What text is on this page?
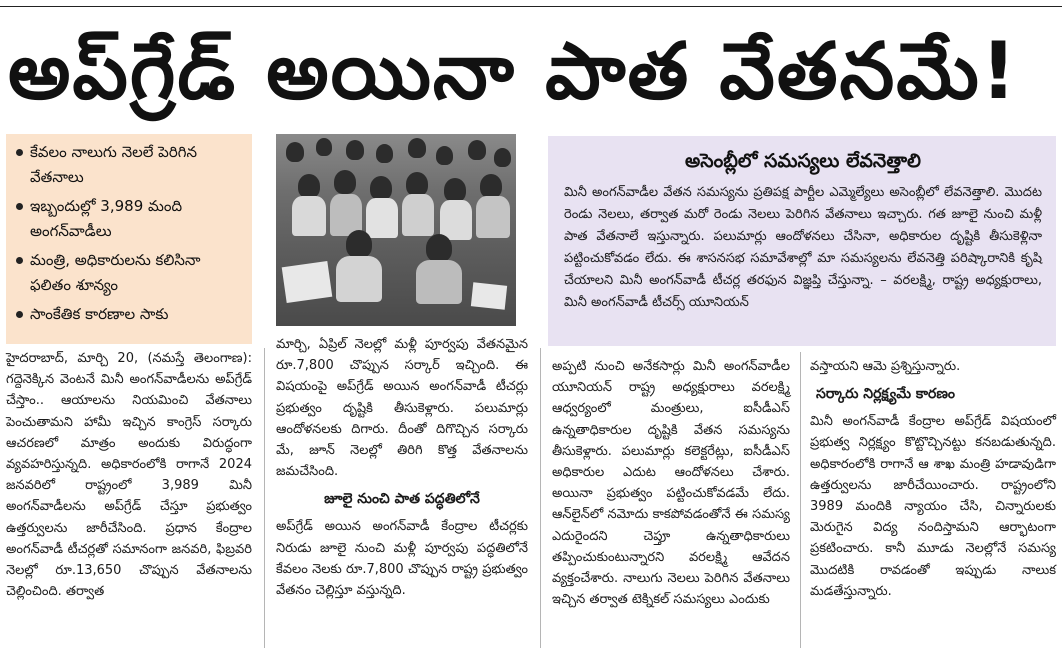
అప్‌గ్రేడ్ అయినా పాత వేతనమే!
కేవలం నాలుగు నెలలే పెరిగిన వేతనాలు
ఇబ్బందుల్లో 3,989 మంది అంగన్‌వాడీలు
మంత్రి, అధికారులను కలిసినా ఫలితం శూన్యం
సాంకేతిక కారణాల సాకు
అసెంబ్లీలో సమస్యలు లేవనెత్తాలి
మినీ అంగన్‌వాడీల వేతన సమస్యను ప్రతిపక్ష పార్టీల ఎమ్మెల్యేలు అసెంబ్లీలో లేవనెత్తాలి. మొదట రెండు నెలలు, తర్వాత మరో రెండు నెలలు పెరిగిన వేతనాలు ఇచ్చారు. గత జూలై నుంచి మళ్లీ పాత వేతనాలే ఇస్తున్నారు. పలుమార్లు ఆందోళనలు చేసినా, అధికారుల దృష్టికి తీసుకెళ్లినా పట్టించుకోవడం లేదు. ఈ శాసనసభ సమావేశాల్లో మా సమస్యలను లేవనెత్తి పరిష్కారానికి కృషి చేయాలని మినీ అంగన్‌వాడీ టీచర్ల తరఫున విజ్ఞప్తి చేస్తున్నా. – వరలక్ష్మి, రాష్ట్ర అధ్యక్షురాలు, మినీ అంగన్‌వాడీ టీచర్స్ యూనియన్

హైదరాబాద్, మార్చి 20, (నమస్తే తెలంగాణ): గద్దెనెక్కిన వెంటనే మినీ అంగన్‌వాడీలను అప్‌గ్రేడ్ చేస్తాం.. ఆయాలను నియమించి వేతనాలు పెంచుతామని హామీ ఇచ్చిన కాంగ్రెస్ సర్కారు ఆచరణలో మాత్రం అందుకు విరుద్ధంగా వ్యవహరిస్తున్నది. అధికారంలోకి రాగానే 2024 జనవరిలో రాష్ట్రంలో 3,989 మినీ అంగన్‌వాడీలను అప్‌గ్రేడ్ చేస్తూ ప్రభుత్వం ఉత్తర్వులను జారీచేసింది. ప్రధాన కేంద్రాల అంగన్‌వాడీ టీచర్లతో సమానంగా జనవరి, ఫిబ్రవరి నెలల్లో రూ.13,650 చొప్పున వేతనాలను చెల్లించింది. తర్వాత

మార్చి, ఏప్రిల్ నెలల్లో మళ్లీ పూర్వపు వేతనమైన రూ.7,800 చొప్పున సర్కార్ ఇచ్చింది. ఈ విషయంపై అప్‌గ్రేడ్ అయిన అంగన్‌వాడీ టీచర్లు ప్రభుత్వం దృష్టికి తీసుకెళ్లారు. పలుమార్లు ఆందోళనలకు దిగారు. దీంతో దిగొచ్చిన సర్కారు మే, జూన్ నెలల్లో తిరిగి కొత్త వేతనాలను జమచేసింది.

జూలై నుంచి పాత పద్ధతిలోనే

అప్‌గ్రేడ్ అయిన అంగన్‌వాడీ కేంద్రాల టీచర్లకు నిరుడు జూలై నుంచి మళ్లీ పూర్వపు పద్ధతిలోనే కేవలం నెలకు రూ.7,800 చొప్పున రాష్ట్ర ప్రభుత్వం వేతనం చెల్లిస్తూ వస్తున్నది.

అప్పటి నుంచి అనేకసార్లు మినీ అంగన్‌వాడీల యూనియన్ రాష్ట్ర అధ్యక్షురాలు వరలక్ష్మి ఆధ్వర్యంలో మంత్రులు, ఐసీడీఎస్ ఉన్నతాధికారుల దృష్టికి వేతన సమస్యను తీసుకెళ్లారు. పలుమార్లు కలెక్టరేట్లు, ఐసీడీఎస్ అధికారుల ఎదుట ఆందోళనలు చేశారు. అయినా ప్రభుత్వం పట్టించుకోవడమే లేదు. ఆన్‌లైన్‌లో నమోదు కాకపోవడంతోనే ఈ సమస్య ఎదురైందని చెప్తూ ఉన్నతాధికారులు తప్పించుకుంటున్నారని వరలక్ష్మి ఆవేదన వ్యక్తంచేశారు. నాలుగు నెలలు పెరిగిన వేతనాలు ఇచ్చిన తర్వాత టెక్నికల్ సమస్యలు ఎందుకు

వస్తాయని ఆమె ప్రశ్నిస్తున్నారు.

సర్కారు నిర్లక్ష్యమే కారణం

మినీ అంగన్‌వాడీ కేంద్రాల అప్‌గ్రేడ్ విషయంలో ప్రభుత్వ నిర్లక్ష్యం కొట్టొచ్చినట్టు కనబడుతున్నది. అధికారంలోకి రాగానే ఆ శాఖ మంత్రి హడావుడిగా ఉత్తర్వులను జారీచేయించారు. రాష్ట్రంలోని 3989 మందికి న్యాయం చేసి, చిన్నారులకు మెరుగైన విద్య నందిస్తామని ఆర్భాటంగా ప్రకటించారు. కానీ మూడు నెలల్లోనే సమస్య మొదటికి రావడంతో ఇప్పుడు నాలుక మడతేస్తున్నారు.
